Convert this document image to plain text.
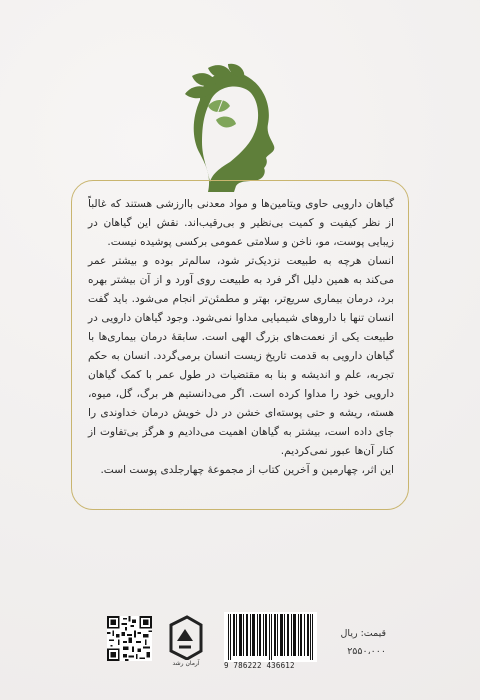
گیاهان دارویی حاوی ویتامین‌ها و مواد معدنی باارزشی هستند که غالباً از نظر کیفیت و کمیت بی‌نظیر و بی‌رقیب‌اند. نقش این گیاهان در زیبایی پوست، مو، ناخن و سلامتی عمومی برکسی پوشیده نیست.

انسان هرچه به طبیعت نزدیک‌تر شود، سالم‌تر بوده و بیشتر عمر می‌کند به همین دلیل اگر فرد به طبیعت روی آورد و از آن بیشتر بهره برد، درمان بیماری سریع‌تر، بهتر و مطمئن‌تر انجام می‌شود. باید گفت انسان تنها با داروهای شیمیایی مداوا نمی‌شود. وجود گیاهان دارویی در طبیعت یکی از نعمت‌های بزرگ الهی است. سابقهٔ درمان بیماری‌ها با گیاهان دارویی به قدمت تاریخ زیست انسان برمی‌گردد. انسان به حکم تجربه، علم و اندیشه و بنا به مقتضیات در طول عمر با کمک گیاهان دارویی خود را مداوا کرده است. اگر می‌دانستیم هر برگ، گل، میوه، هسته، ریشه و حتی پوسته‌ای خشن در دل خویش درمان خداوندی را جای داده است، بیشتر به گیاهان اهمیت می‌دادیم و هرگز بی‌تفاوت از کنار آن‌ها عبور نمی‌کردیم.

این اثر، چهارمین و آخرین کتاب از مجموعهٔ چهارجلدی پوست است.

آرمان رشد	9 786222 436612
قیمت: ریال
۲۵۵۰،۰۰۰
